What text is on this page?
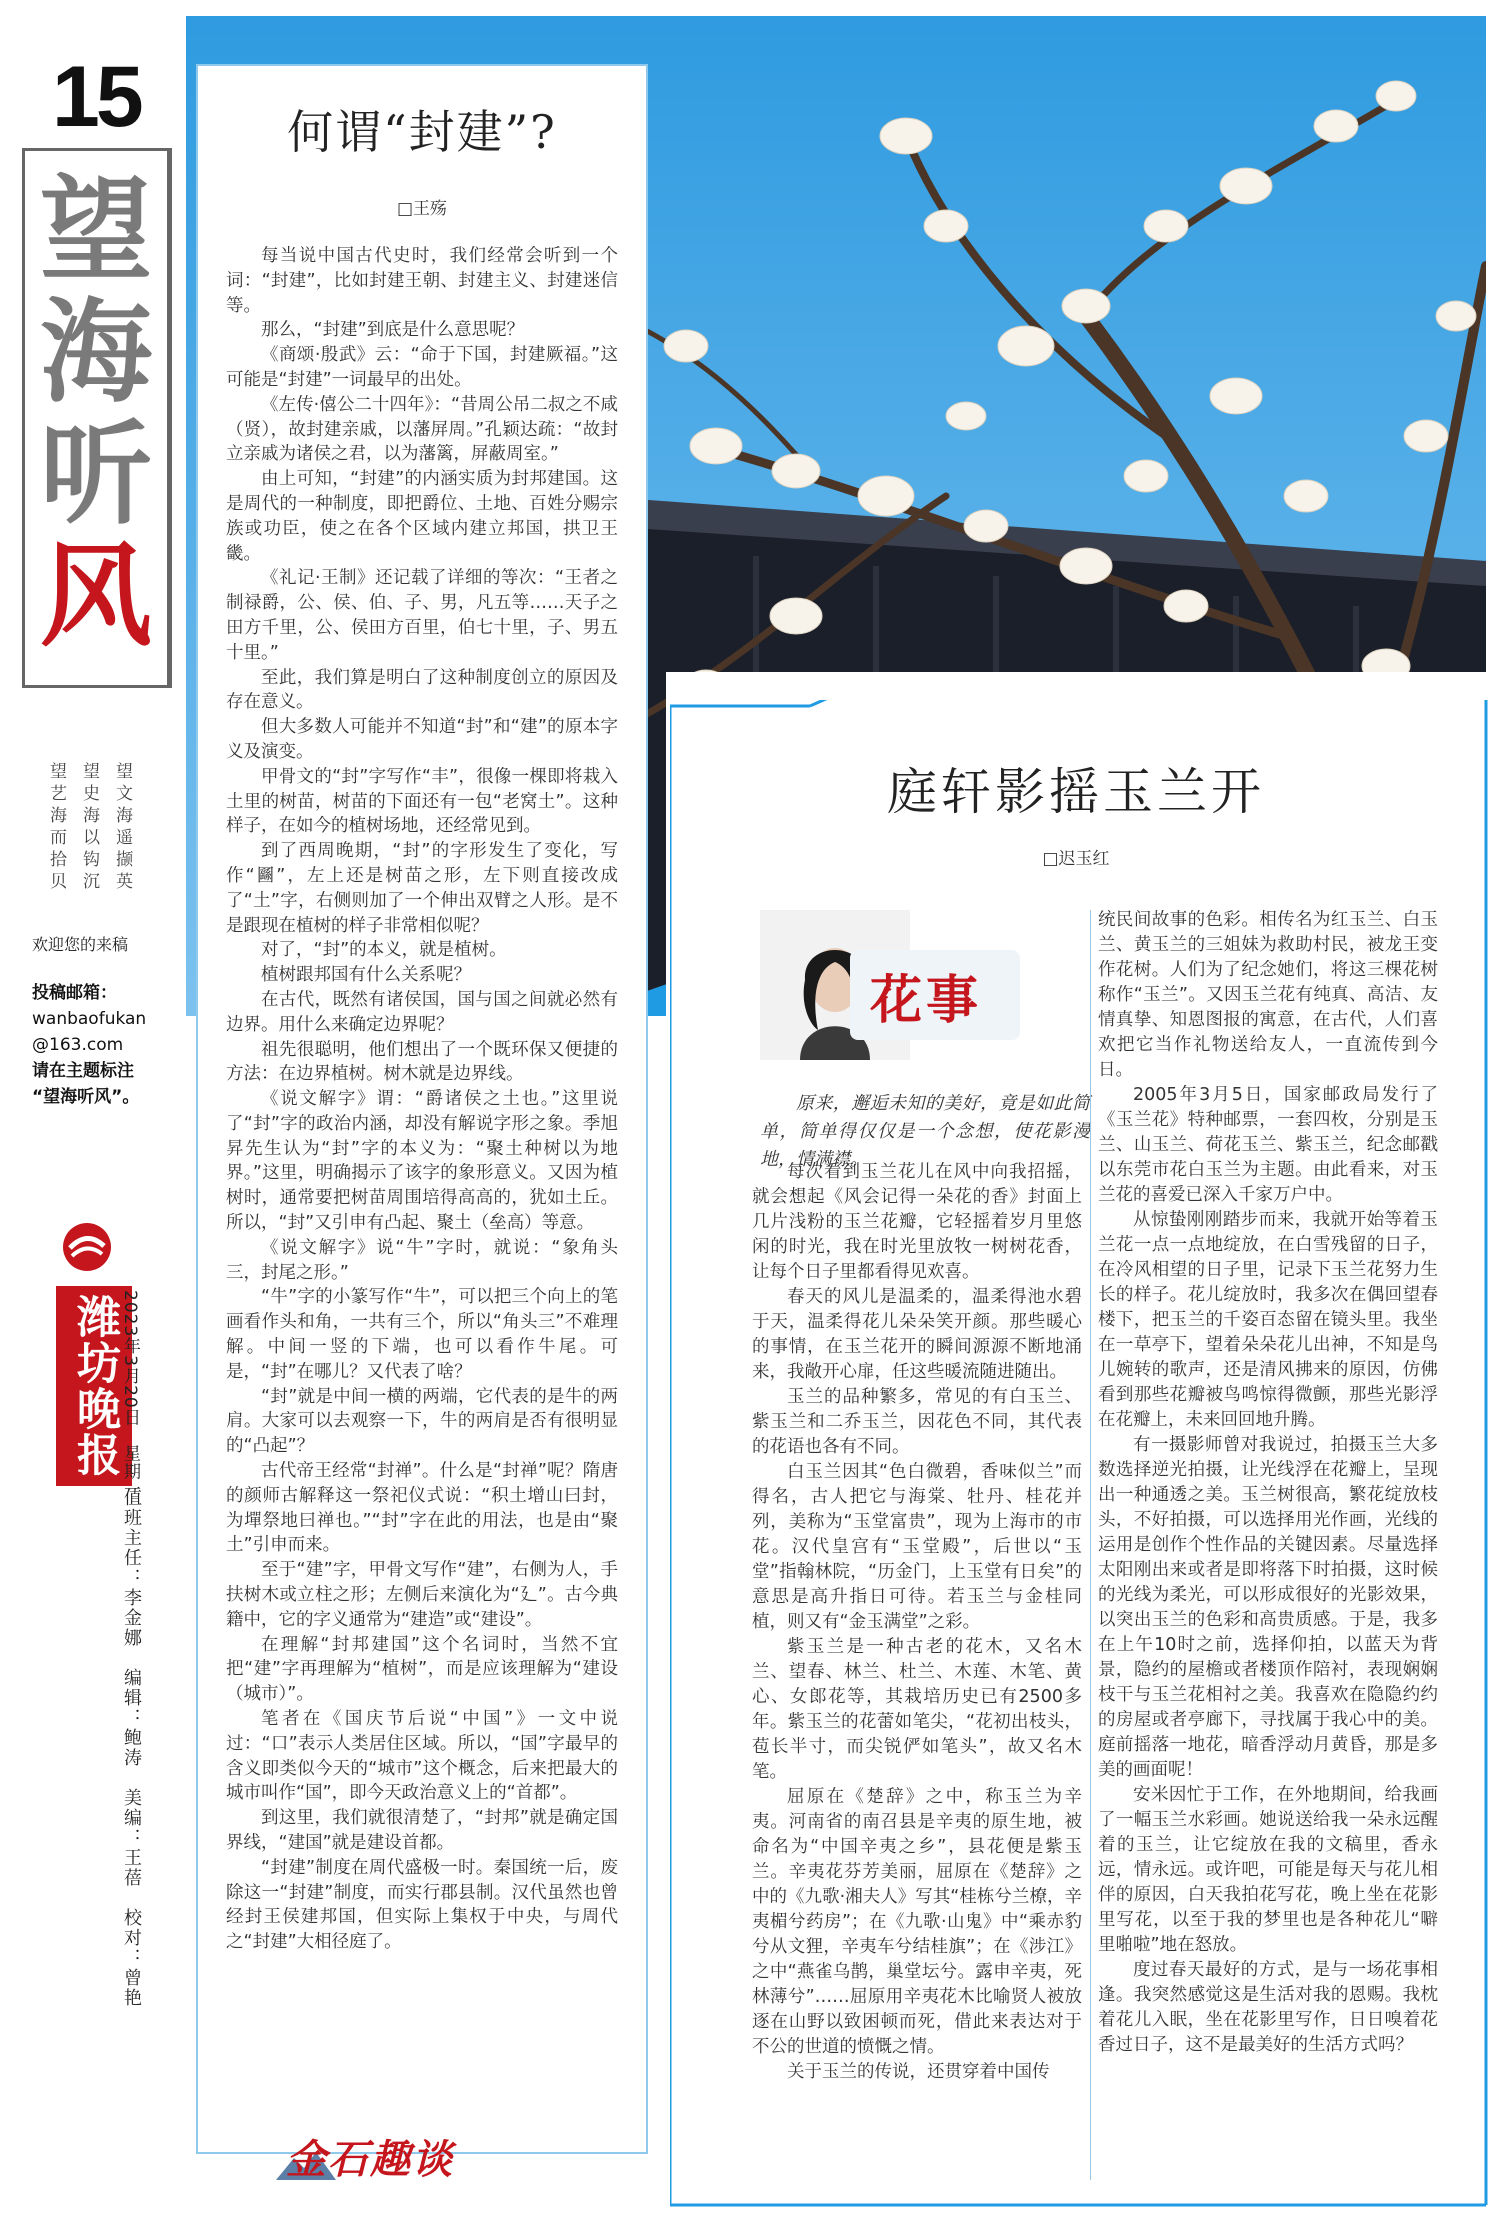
15
望
海
听
风
望文海遥撷英
望史海以钩沉
望艺海而拾贝
欢迎您的来稿
投稿邮箱：
wanbaofukan
@163.com
请在主题标注
“望海听风”。
潍坊晚报 2023年3月20日　星期一
值班主任：李金娜　编辑：鲍涛　美编：王蓓　校对：曾艳
何谓“封建”?
□王殇

每当说中国古代史时，我们经常会听到一个词：“封建”，比如封建王朝、封建主义、封建迷信等。

那么，“封建”到底是什么意思呢？

《商颂·殷武》云：“命于下国，封建厥福。”这可能是“封建”一词最早的出处。

《左传·僖公二十四年》：“昔周公吊二叔之不咸（贤），故封建亲戚，以藩屏周。”孔颖达疏：“故封立亲戚为诸侯之君，以为藩篱，屏蔽周室。”

由上可知，“封建”的内涵实质为封邦建国。这是周代的一种制度，即把爵位、土地、百姓分赐宗族或功臣，使之在各个区域内建立邦国，拱卫王畿。

《礼记·王制》还记载了详细的等次：“王者之制禄爵，公、侯、伯、子、男，凡五等……天子之田方千里，公、侯田方百里，伯七十里，子、男五十里。”

至此，我们算是明白了这种制度创立的原因及存在意义。

但大多数人可能并不知道“封”和“建”的原本字义及演变。

甲骨文的“封”字写作“丰”，很像一棵即将栽入土里的树苗，树苗的下面还有一包“老窝土”。这种样子，在如今的植树场地，还经常见到。

到了西周晚期，“封”的字形发生了变化，写作“㘥”，左上还是树苗之形，左下则直接改成了“土”字，右侧则加了一个伸出双臂之人形。是不是跟现在植树的样子非常相似呢？

对了，“封”的本义，就是植树。

植树跟邦国有什么关系呢？

在古代，既然有诸侯国，国与国之间就必然有边界。用什么来确定边界呢？

祖先很聪明，他们想出了一个既环保又便捷的方法：在边界植树。树木就是边界线。

《说文解字》谓：“爵诸侯之土也。”这里说了“封”字的政治内涵，却没有解说字形之象。季旭昇先生认为“封”字的本义为：“聚土种树以为地界。”这里，明确揭示了该字的象形意义。又因为植树时，通常要把树苗周围培得高高的，犹如土丘。所以，“封”又引申有凸起、聚土（垒高）等意。

《说文解字》说“牛”字时，就说：“象角头三，封尾之形。”

“牛”字的小篆写作“牛”，可以把三个向上的笔画看作头和角，一共有三个，所以“角头三”不难理解。中间一竖的下端，也可以看作牛尾。可是，“封”在哪儿？又代表了啥？

“封”就是中间一横的两端，它代表的是牛的两肩。大家可以去观察一下，牛的两肩是否有很明显的“凸起”？

古代帝王经常“封禅”。什么是“封禅”呢？隋唐的颜师古解释这一祭祀仪式说：“积土增山曰封，为墠祭地曰禅也。”“封”字在此的用法，也是由“聚土”引申而来。

至于“建”字，甲骨文写作“建”，右侧为人，手扶树木或立柱之形；左侧后来演化为“廴”。古今典籍中，它的字义通常为“建造”或“建设”。

在理解“封邦建国”这个名词时，当然不宜把“建”字再理解为“植树”，而是应该理解为“建设（城市）”。

笔者在《国庆节后说“中国”》一文中说过：“口”表示人类居住区域。所以，“国”字最早的含义即类似今天的“城市”这个概念，后来把最大的城市叫作“国”，即今天政治意义上的“首都”。

到这里，我们就很清楚了，“封邦”就是确定国界线，“建国”就是建设首都。

“封建”制度在周代盛极一时。秦国统一后，废除这一“封建”制度，而实行郡县制。汉代虽然也曾经封王侯建邦国，但实际上集权于中央，与周代之“封建”大相径庭了。

庭轩影摇玉兰开
□迟玉红
花事
原来，邂逅未知的美好，竟是如此简单，简单得仅仅是一个念想，使花影漫地，情满襟。

每次看到玉兰花儿在风中向我招摇，就会想起《风会记得一朵花的香》封面上几片浅粉的玉兰花瓣，它轻摇着岁月里悠闲的时光，我在时光里放牧一树树花香，让每个日子里都看得见欢喜。

春天的风儿是温柔的，温柔得池水碧于天，温柔得花儿朵朵笑开颜。那些暖心的事情，在玉兰花开的瞬间源源不断地涌来，我敞开心扉，任这些暖流随进随出。

玉兰的品种繁多，常见的有白玉兰、紫玉兰和二乔玉兰，因花色不同，其代表的花语也各有不同。

白玉兰因其“色白微碧，香味似兰”而得名，古人把它与海棠、牡丹、桂花并列，美称为“玉堂富贵”，现为上海市的市花。汉代皇宫有“玉堂殿”，后世以“玉堂”指翰林院，“历金门，上玉堂有日矣”的意思是高升指日可待。若玉兰与金桂同植，则又有“金玉满堂”之彩。

紫玉兰是一种古老的花木，又名木兰、望春、林兰、杜兰、木莲、木笔、黄心、女郎花等，其栽培历史已有2500多年。紫玉兰的花蕾如笔尖，“花初出枝头，苞长半寸，而尖锐俨如笔头”，故又名木笔。

屈原在《楚辞》之中，称玉兰为辛夷。河南省的南召县是辛夷的原生地，被命名为“中国辛夷之乡”，县花便是紫玉兰。辛夷花芬芳美丽，屈原在《楚辞》之中的《九歌·湘夫人》写其“桂栋兮兰橑，辛夷楣兮药房”；在《九歌·山鬼》中“乘赤豹兮从文狸，辛夷车兮结桂旗”；在《涉江》之中“燕雀乌鹊，巢堂坛兮。露申辛夷，死林薄兮”……屈原用辛夷花木比喻贤人被放逐在山野以致困顿而死，借此来表达对于不公的世道的愤慨之情。

关于玉兰的传说，还贯穿着中国传

统民间故事的色彩。相传名为红玉兰、白玉兰、黄玉兰的三姐妹为救助村民，被龙王变作花树。人们为了纪念她们，将这三棵花树称作“玉兰”。又因玉兰花有纯真、高洁、友情真挚、知恩图报的寓意，在古代，人们喜欢把它当作礼物送给友人，一直流传到今日。

2005年3月5日，国家邮政局发行了《玉兰花》特种邮票，一套四枚，分别是玉兰、山玉兰、荷花玉兰、紫玉兰，纪念邮戳以东莞市花白玉兰为主题。由此看来，对玉兰花的喜爱已深入千家万户中。

从惊蛰刚刚踏步而来，我就开始等着玉兰花一点一点地绽放，在白雪残留的日子，在冷风相望的日子里，记录下玉兰花努力生长的样子。花儿绽放时，我多次在偶回望春楼下，把玉兰的千姿百态留在镜头里。我坐在一草亭下，望着朵朵花儿出神，不知是鸟儿婉转的歌声，还是清风拂来的原因，仿佛看到那些花瓣被鸟鸣惊得微颤，那些光影浮在花瓣上，未来回回地升腾。

有一摄影师曾对我说过，拍摄玉兰大多数选择逆光拍摄，让光线浮在花瓣上，呈现出一种通透之美。玉兰树很高，繁花绽放枝头，不好拍摄，可以选择用光作画，光线的运用是创作个性作品的关键因素。尽量选择太阳刚出来或者是即将落下时拍摄，这时候的光线为柔光，可以形成很好的光影效果，以突出玉兰的色彩和高贵质感。于是，我多在上午10时之前，选择仰拍，以蓝天为背景，隐约的屋檐或者楼顶作陪衬，表现娴娴枝干与玉兰花相衬之美。我喜欢在隐隐约约的房屋或者亭廊下，寻找属于我心中的美。庭前摇落一地花，暗香浮动月黄昏，那是多美的画面呢！

安米因忙于工作，在外地期间，给我画了一幅玉兰水彩画。她说送给我一朵永远醒着的玉兰，让它绽放在我的文稿里，香永远，情永远。或许吧，可能是每天与花儿相伴的原因，白天我拍花写花，晚上坐在花影里写花，以至于我的梦里也是各种花儿“噼里啪啦”地在怒放。

度过春天最好的方式，是与一场花事相逢。我突然感觉这是生活对我的恩赐。我枕着花儿入眠，坐在花影里写作，日日嗅着花香过日子，这不是最美好的生活方式吗？

金石趣谈
